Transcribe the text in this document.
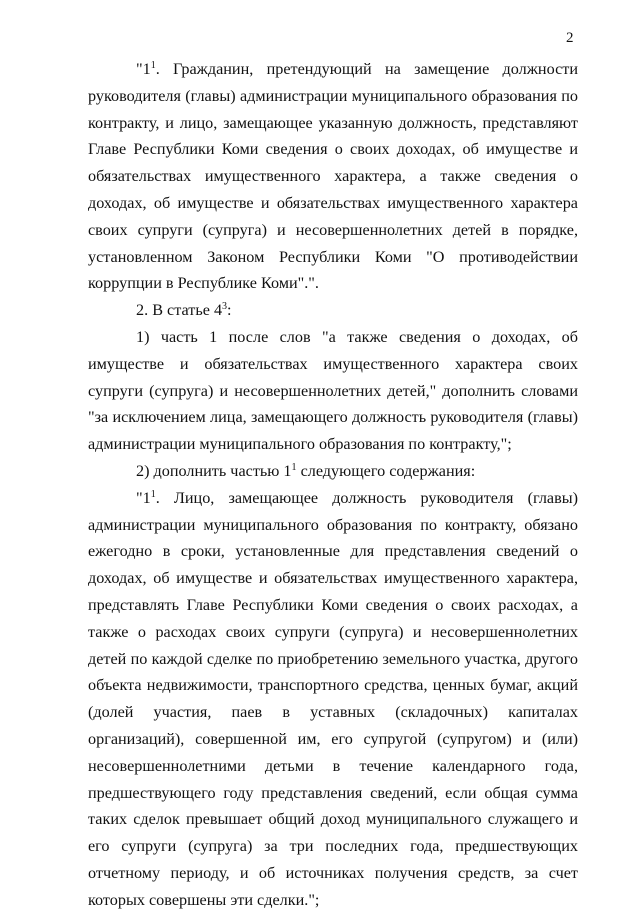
2

"$1^1$. Гражданин, претендующий на замещение должности руководителя (главы) администрации муниципального образования по контракту, и лицо, замещающее указанную должность, представляют Главе Республики Коми сведения о своих доходах, об имуществе и обязательствах имущественного характера, а также сведения о доходах, об имуществе и обязательствах имущественного характера своих супруги (супруга) и несовершеннолетних детей в порядке, установленном Законом Республики Коми "О противодействии коррупции в Республике Коми".".

2. В статье $4^3$:

1) часть 1 после слов "а также сведения о доходах, об имуществе и обязательствах имущественного характера своих супруги (супруга) и несовершеннолетних детей," дополнить словами "за исключением лица, замещающего должность руководителя (главы) администрации муниципального образования по контракту,";

2) дополнить частью $1^1$ следующего содержания:

"$1^1$. Лицо, замещающее должность руководителя (главы) администрации муниципального образования по контракту, обязано ежегодно в сроки, установленные для представления сведений о доходах, об имуществе и обязательствах имущественного характера, представлять Главе Республики Коми сведения о своих расходах, а также о расходах своих супруги (супруга) и несовершеннолетних детей по каждой сделке по приобретению земельного участка, другого объекта недвижимости, транспортного средства, ценных бумаг, акций (долей участия, паев в уставных (складочных) капиталах организаций), совершенной им, его супругой (супругом) и (или) несовершеннолетними детьми в течение календарного года, предшествующего году представления сведений, если общая сумма таких сделок превышает общий доход муниципального служащего и его супруги (супруга) за три последних года, предшествующих отчетному периоду, и об источниках получения средств, за счет которых совершены эти сделки.";
